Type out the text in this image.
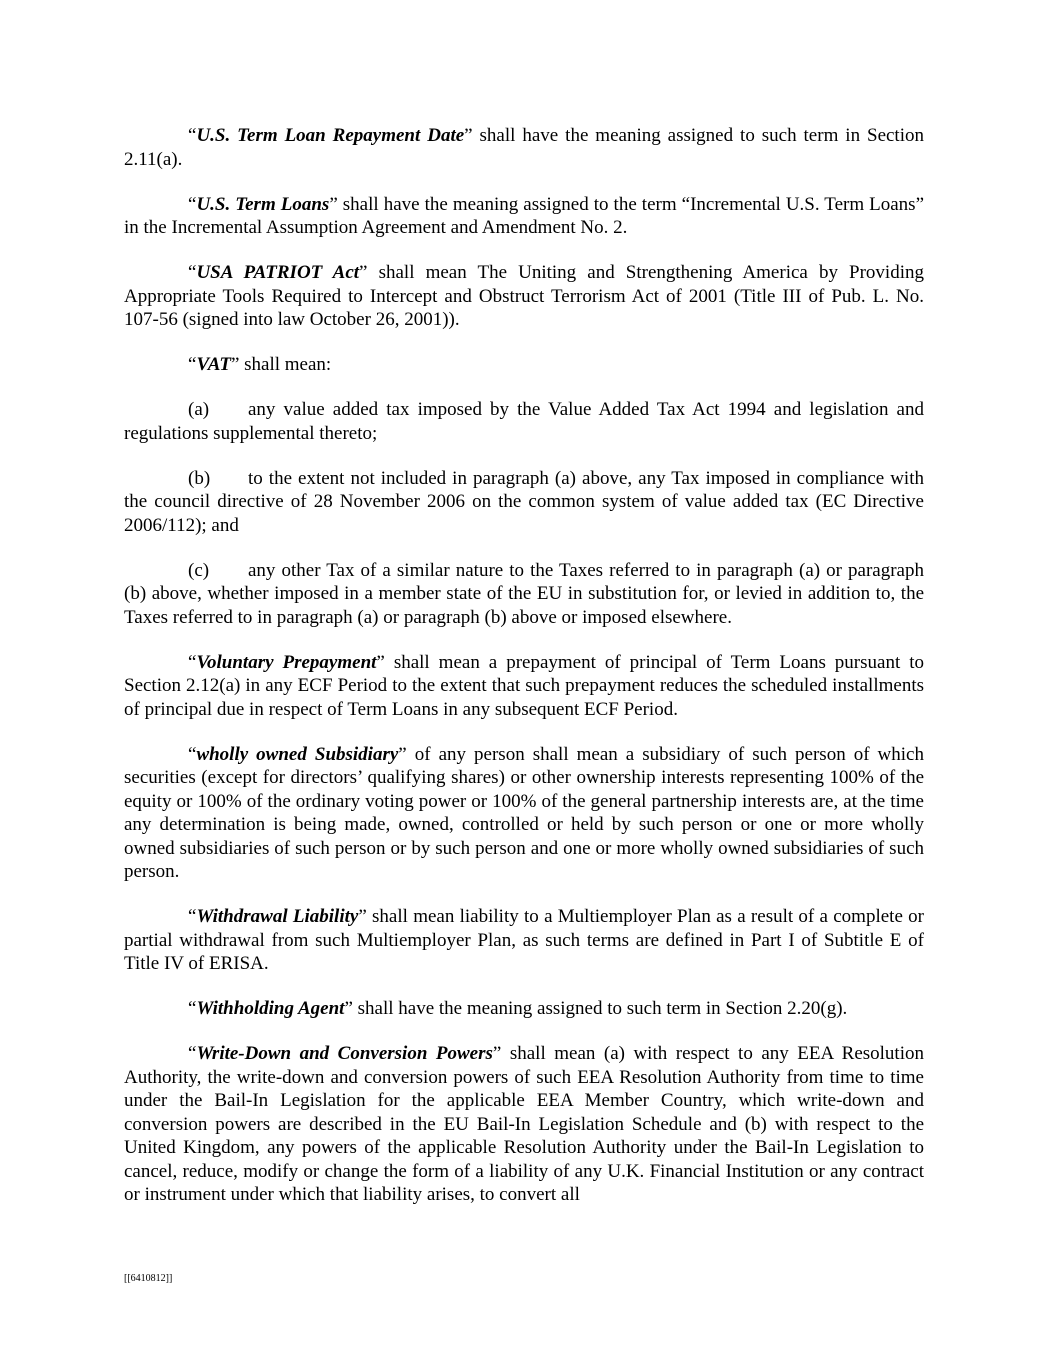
“U.S. Term Loan Repayment Date” shall have the meaning assigned to such term in Section 2.11(a).

“U.S. Term Loans” shall have the meaning assigned to the term “Incremental U.S. Term Loans” in the Incremental Assumption Agreement and Amendment No. 2.

“USA PATRIOT Act” shall mean The Uniting and Strengthening America by Providing Appropriate Tools Required to Intercept and Obstruct Terrorism Act of 2001 (Title III of Pub. L. No. 107-56 (signed into law October 26, 2001)).

“VAT” shall mean:

(a) any value added tax imposed by the Value Added Tax Act 1994 and legislation and regulations supplemental thereto;

(b) to the extent not included in paragraph (a) above, any Tax imposed in compliance with the council directive of 28 November 2006 on the common system of value added tax (EC Directive 2006/112); and

(c) any other Tax of a similar nature to the Taxes referred to in paragraph (a) or paragraph (b) above, whether imposed in a member state of the EU in substitution for, or levied in addition to, the Taxes referred to in paragraph (a) or paragraph (b) above or imposed elsewhere.

“Voluntary Prepayment” shall mean a prepayment of principal of Term Loans pursuant to Section 2.12(a) in any ECF Period to the extent that such prepayment reduces the scheduled installments of principal due in respect of Term Loans in any subsequent ECF Period.

“wholly owned Subsidiary” of any person shall mean a subsidiary of such person of which securities (except for directors’ qualifying shares) or other ownership interests representing 100% of the equity or 100% of the ordinary voting power or 100% of the general partnership interests are, at the time any determination is being made, owned, controlled or held by such person or one or more wholly owned subsidiaries of such person or by such person and one or more wholly owned subsidiaries of such person.

“Withdrawal Liability” shall mean liability to a Multiemployer Plan as a result of a complete or partial withdrawal from such Multiemployer Plan, as such terms are defined in Part I of Subtitle E of Title IV of ERISA.

“Withholding Agent” shall have the meaning assigned to such term in Section 2.20(g).

“Write-Down and Conversion Powers” shall mean (a) with respect to any EEA Resolution Authority, the write-down and conversion powers of such EEA Resolution Authority from time to time under the Bail-In Legislation for the applicable EEA Member Country, which write-down and conversion powers are described in the EU Bail-In Legislation Schedule and (b) with respect to the United Kingdom, any powers of the applicable Resolution Authority under the Bail-In Legislation to cancel, reduce, modify or change the form of a liability of any U.K. Financial Institution or any contract or instrument under which that liability arises, to convert all

[[6410812]]
